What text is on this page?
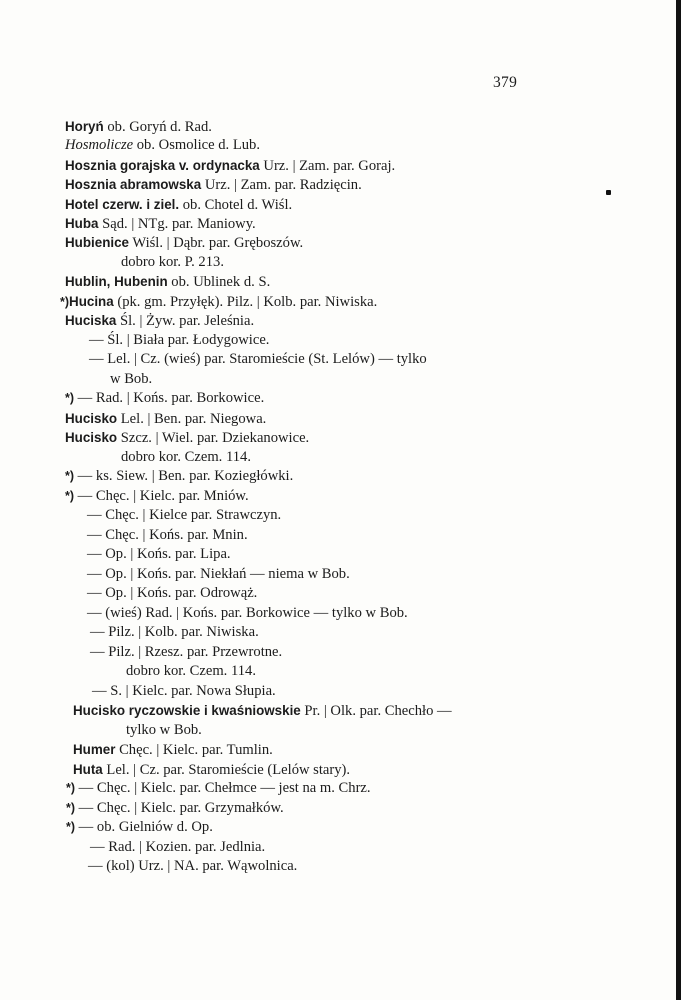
379
Horyń ob. Goryń d. Rad.
Hosmolicze ob. Osmolice d. Lub.
Hosznia gorajska v. ordynacka Urz. | Zam. par. Goraj.
Hosznia abramowska Urz. | Zam. par. Radzięcin.
Hotel czerw. i ziel. ob. Chotel d. Wiśl.
Huba Sąd. | NTg. par. Maniowy.
Hubienice Wiśl. | Dąbr. par. Gręboszów.
dobro kor. P. 213.
Hublin, Hubenin ob. Ublinek d. S.
*)Hucina (pk. gm. Przyłęk). Pilz. | Kolb. par. Niwiska.
Huciska Śl. | Żyw. par. Jeleśnia.
— Śl. | Biała par. Łodygowice.
— Lel. | Cz. (wieś) par. Staromieście (St. Lelów) — tylko
w Bob.
*) — Rad. | Końs. par. Borkowice.
Hucisko Lel. | Ben. par. Niegowa.
Hucisko Szcz. | Wiel. par. Dziekanowice.
dobro kor. Czem. 114.
*) — ks. Siew. | Ben. par. Koziegłówki.
*) — Chęc. | Kielc. par. Mniów.
— Chęc. | Kielce par. Strawczyn.
— Chęc. | Końs. par. Mnin.
— Op. | Końs. par. Lipa.
— Op. | Końs. par. Niekłań — niema w Bob.
— Op. | Końs. par. Odrowąż.
— (wieś) Rad. | Końs. par. Borkowice — tylko w Bob.
— Pilz. | Kolb. par. Niwiska.
— Pilz. | Rzesz. par. Przewrotne.
dobro kor. Czem. 114.
— S. | Kielc. par. Nowa Słupia.
Hucisko ryczowskie i kwaśniowskie Pr. | Olk. par. Chechło —
tylko w Bob.
Humer Chęc. | Kielc. par. Tumlin.
Huta Lel. | Cz. par. Staromieście (Lelów stary).
*) — Chęc. | Kielc. par. Chełmce — jest na m. Chrz.
*) — Chęc. | Kielc. par. Grzymałków.
*) — ob. Gielniów d. Op.
— Rad. | Kozien. par. Jedlnia.
— (kol) Urz. | NA. par. Wąwolnica.
